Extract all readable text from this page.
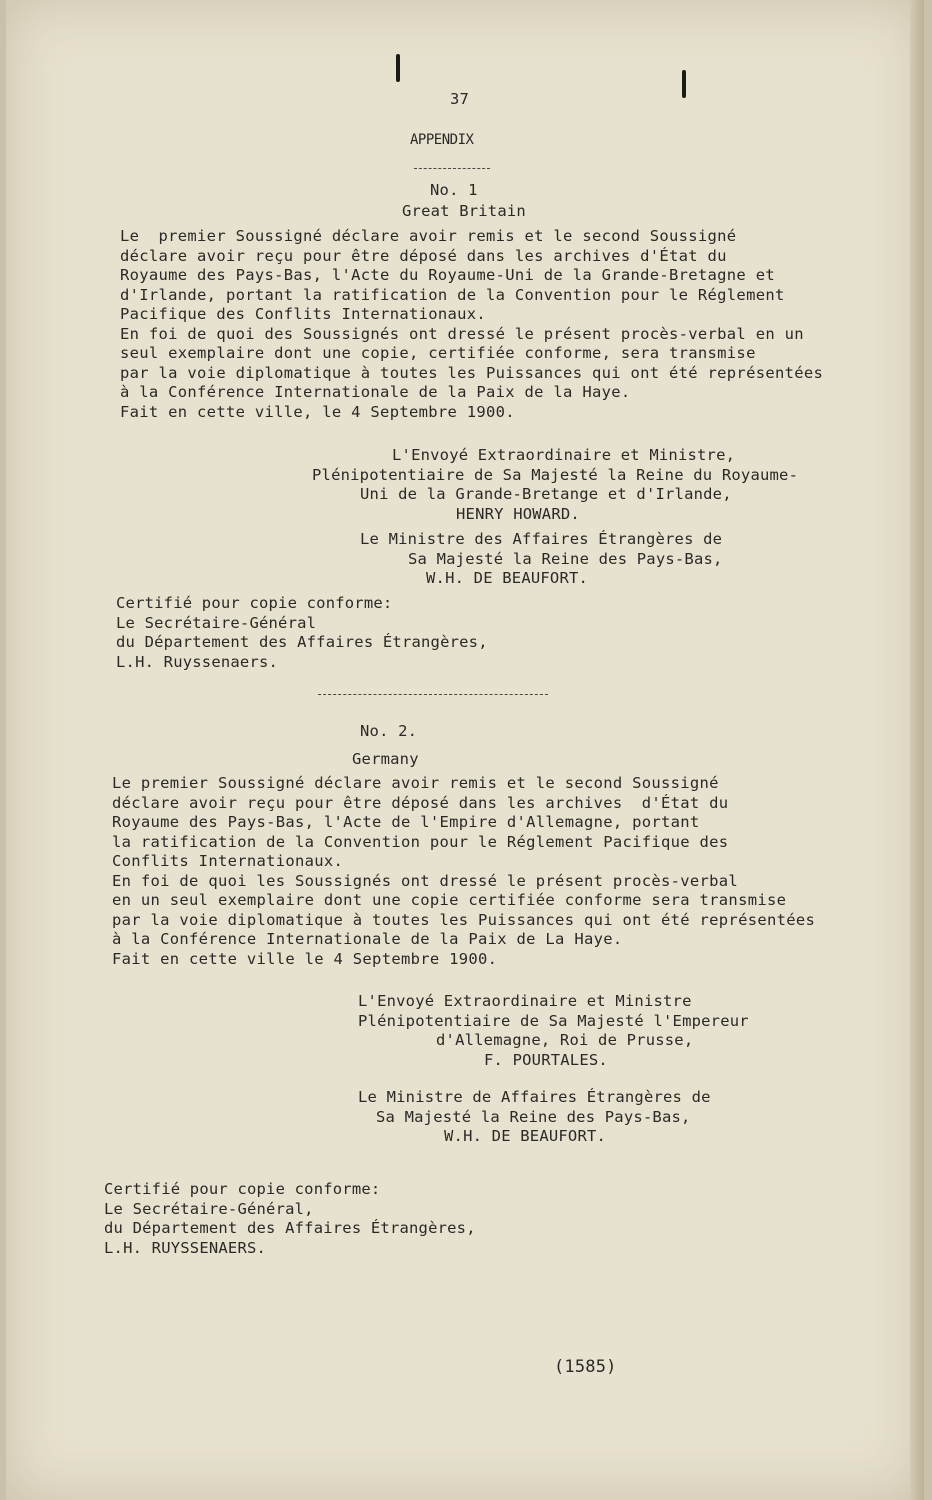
37
APPENDIX
No. 1
Great Britain
Le  premier Soussigné déclare avoir remis et le second Soussigné
déclare avoir reçu pour être déposé dans les archives d'État du
Royaume des Pays-Bas, l'Acte du Royaume-Uni de la Grande-Bretagne et
d'Irlande, portant la ratification de la Convention pour le Réglement
Pacifique des Conflits Internationaux.
En foi de quoi des Soussignés ont dressé le présent procès-verbal en un
seul exemplaire dont une copie, certifiée conforme, sera transmise
par la voie diplomatique à toutes les Puissances qui ont été représentées
à la Conférence Internationale de la Paix de la Haye.
Fait en cette ville, le 4 Septembre 1900.
L'Envoyé Extraordinaire et Ministre,
Plénipotentiaire de Sa Majesté la Reine du Royaume-
Uni de la Grande-Bretange et d'Irlande,
HENRY HOWARD.
Le Ministre des Affaires Étrangères de
Sa Majesté la Reine des Pays-Bas,
W.H. DE BEAUFORT.
Certifié pour copie conforme:
Le Secrétaire-Général
du Département des Affaires Étrangères,
L.H. Ruyssenaers.
No. 2.
Germany
Le premier Soussigné déclare avoir remis et le second Soussigné
déclare avoir reçu pour être déposé dans les archives  d'État du
Royaume des Pays-Bas, l'Acte de l'Empire d'Allemagne, portant
la ratification de la Convention pour le Réglement Pacifique des
Conflits Internationaux.
En foi de quoi les Soussignés ont dressé le présent procès-verbal
en un seul exemplaire dont une copie certifiée conforme sera transmise
par la voie diplomatique à toutes les Puissances qui ont été représentées
à la Conférence Internationale de la Paix de La Haye.
Fait en cette ville le 4 Septembre 1900.
L'Envoyé Extraordinaire et Ministre
Plénipotentiaire de Sa Majesté l'Empereur
d'Allemagne, Roi de Prusse,
F. POURTALES.
Le Ministre de Affaires Étrangères de
Sa Majesté la Reine des Pays-Bas,
W.H. DE BEAUFORT.
Certifié pour copie conforme:
Le Secrétaire-Général,
du Département des Affaires Étrangères,
L.H. RUYSSENAERS.
(1585)
